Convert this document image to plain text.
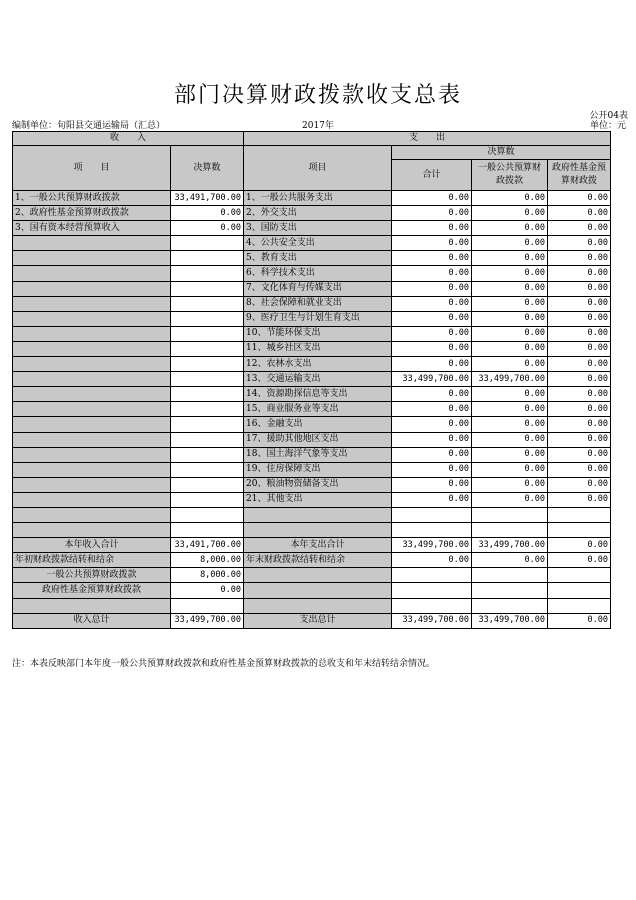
部门决算财政拨款收支总表
公开04表
编制单位：旬阳县交通运输局（汇总）	2017年	单位：元
收　　入		支　　出			
项　　目	决算数	项目	决算数		
			合计	一般公共预算财政拨款	政府性基金预算财政拨
1、一般公共预算财政拨款	33,491,700.00	1、一般公共服务支出	0.00	0.00	0.00
2、政府性基金预算财政拨款	0.00	2、外交支出	0.00	0.00	0.00
3、国有资本经营预算收入	0.00	3、国防支出	0.00	0.00	0.00
		4、公共安全支出	0.00	0.00	0.00
		5、教育支出	0.00	0.00	0.00
		6、科学技术支出	0.00	0.00	0.00
		7、文化体育与传媒支出	0.00	0.00	0.00
		8、社会保障和就业支出	0.00	0.00	0.00
		9、医疗卫生与计划生育支出	0.00	0.00	0.00
		10、节能环保支出	0.00	0.00	0.00
		11、城乡社区支出	0.00	0.00	0.00
		12、农林水支出	0.00	0.00	0.00
		13、交通运输支出	33,499,700.00	33,499,700.00	0.00
		14、资源勘探信息等支出	0.00	0.00	0.00
		15、商业服务业等支出	0.00	0.00	0.00
		16、金融支出	0.00	0.00	0.00
		17、援助其他地区支出	0.00	0.00	0.00
		18、国土海洋气象等支出	0.00	0.00	0.00
		19、住房保障支出	0.00	0.00	0.00
		20、粮油物资储备支出	0.00	0.00	0.00
		21、其他支出	0.00	0.00	0.00

本年收入合计	33,491,700.00	本年支出合计	33,499,700.00	33,499,700.00	0.00
年初财政拨款结转和结余	8,000.00	年末财政拨款结转和结余	0.00	0.00	0.00
一般公共预算财政拨款	8,000.00				
政府性基金预算财政拨款	0.00				

收入总计	33,499,700.00	支出总计	33,499,700.00	33,499,700.00	0.00
注：本表反映部门本年度一般公共预算财政拨款和政府性基金预算财政拨款的总收支和年末结转结余情况。
